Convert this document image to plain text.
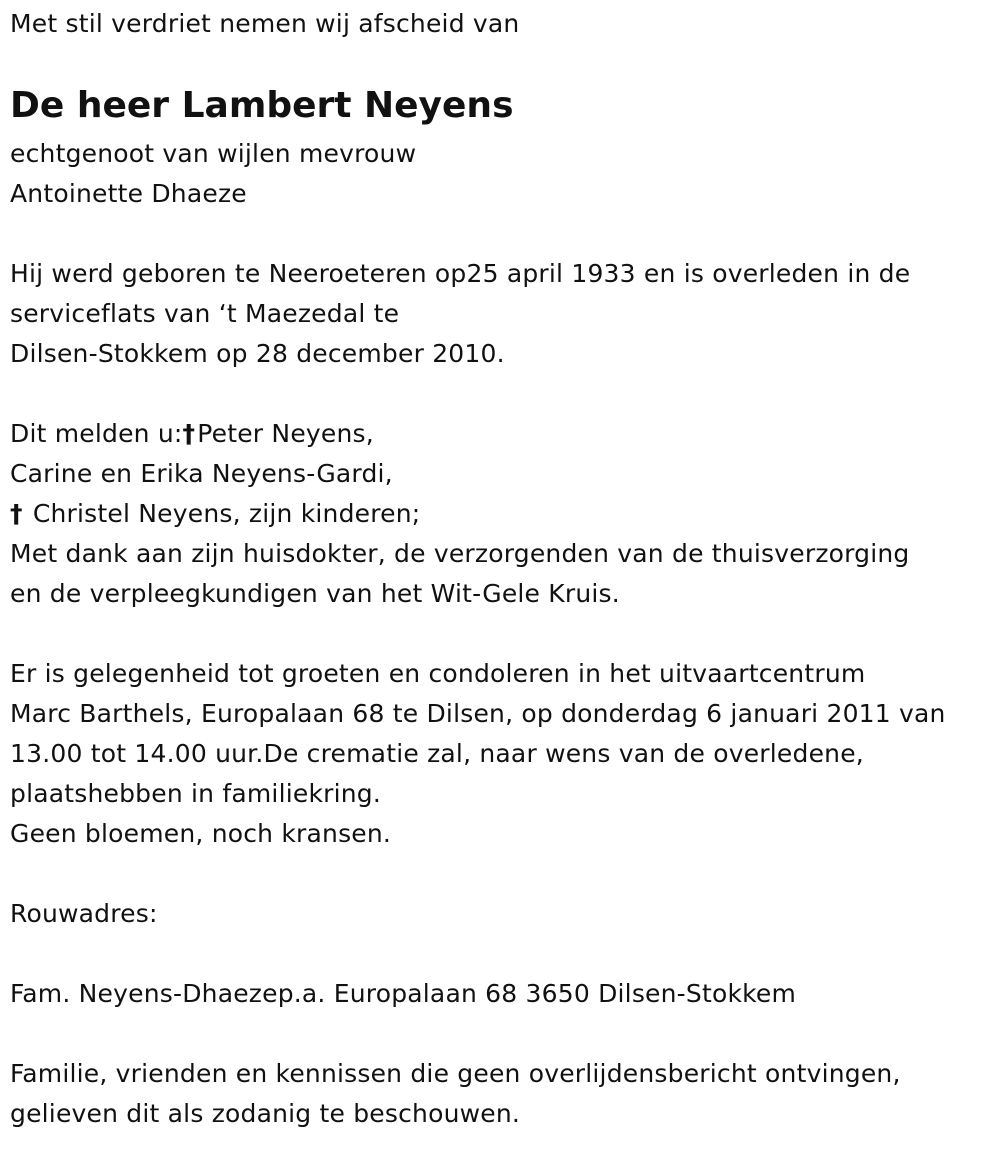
Met stil verdriet nemen wij afscheid van
De heer Lambert Neyens
echtgenoot van wijlen mevrouw
Antoinette Dhaeze
Hij werd geboren te Neeroeteren op25 april 1933 en is overleden in de
serviceflats van ‘t Maezedal te
Dilsen-Stokkem op 28 december 2010.
Dit melden u:†Peter Neyens,
Carine en Erika Neyens-Gardi,
† Christel Neyens, zijn kinderen;
Met dank aan zijn huisdokter, de verzorgenden van de thuisverzorging
en de verpleegkundigen van het Wit-Gele Kruis.
Er is gelegenheid tot groeten en condoleren in het uitvaartcentrum
Marc Barthels, Europalaan 68 te Dilsen, op donderdag 6 januari 2011 van
13.00 tot 14.00 uur.De crematie zal, naar wens van de overledene,
plaatshebben in familiekring.
Geen bloemen, noch kransen.
Rouwadres:
Fam. Neyens-Dhaezep.a. Europalaan 68 3650 Dilsen-Stokkem
Familie, vrienden en kennissen die geen overlijdensbericht ontvingen,
gelieven dit als zodanig te beschouwen.
